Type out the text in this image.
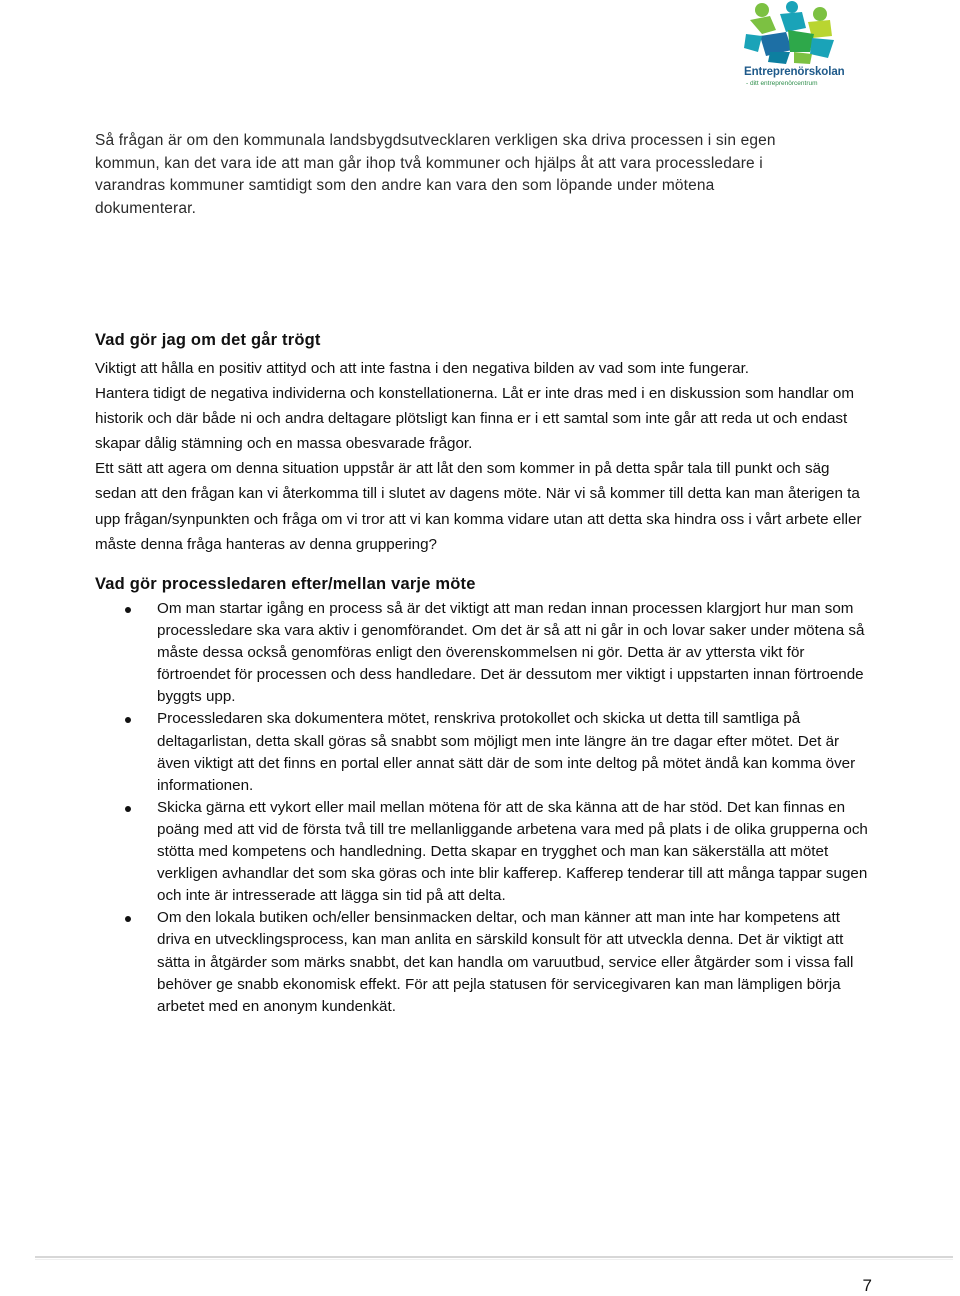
Entreprenörskolan
- ditt entreprenörcentrum

Så frågan är om den kommunala landsbygdsutvecklaren verkligen ska driva processen i sin egen kommun, kan det vara ide att man går ihop två kommuner och hjälps åt att vara processledare i varandras kommuner samtidigt som den andre kan vara den som löpande under mötena dokumenterar.

Vad gör jag om det går trögt

Viktigt att hålla en positiv attityd och att inte fastna i den negativa bilden av vad som inte fungerar.

Hantera tidigt de negativa individerna och konstellationerna. Låt er inte dras med i en diskussion som handlar om historik och där både ni och andra deltagare plötsligt kan finna er i ett samtal som inte går att reda ut och endast skapar dålig stämning och en massa obesvarade frågor.

Ett sätt att agera om denna situation uppstår är att låt den som kommer in på detta spår tala till punkt och säg sedan att den frågan kan vi återkomma till i slutet av dagens möte. När vi så kommer till detta kan man återigen ta upp frågan/synpunkten och fråga om vi tror att vi kan komma vidare utan att detta ska hindra oss i vårt arbete eller måste denna fråga hanteras av denna gruppering?

Vad gör processledaren efter/mellan varje möte
Om man startar igång en process så är det viktigt att man redan innan processen klargjort hur man som processledare ska vara aktiv i genomförandet. Om det är så att ni går in och lovar saker under mötena så måste dessa också genomföras enligt den överenskommelsen ni gör. Detta är av yttersta vikt för förtroendet för processen och dess handledare. Det är dessutom mer viktigt i uppstarten innan förtroende byggts upp.
Processledaren ska dokumentera mötet, renskriva protokollet och skicka ut detta till samtliga på deltagarlistan, detta skall göras så snabbt som möjligt men inte längre än tre dagar efter mötet. Det är även viktigt att det finns en portal eller annat sätt där de som inte deltog på mötet ändå kan komma över informationen.
Skicka gärna ett vykort eller mail mellan mötena för att de ska känna att de har stöd. Det kan finnas en poäng med att vid de första två till tre mellanliggande arbetena vara med på plats i de olika grupperna och stötta med kompetens och handledning. Detta skapar en trygghet och man kan säkerställa att mötet verkligen avhandlar det som ska göras och inte blir kafferep. Kafferep tenderar till att många tappar sugen och inte är intresserade att lägga sin tid på att delta.
Om den lokala butiken och/eller bensinmacken deltar, och man känner att man inte har kompetens att driva en utvecklingsprocess, kan man anlita en särskild konsult för att utveckla denna. Det är viktigt att sätta in åtgärder som märks snabbt, det kan handla om varuutbud, service eller åtgärder som i vissa fall behöver ge snabb ekonomisk effekt. För att pejla statusen för servicegivaren kan man lämpligen börja arbetet med en anonym kundenkät.
7
